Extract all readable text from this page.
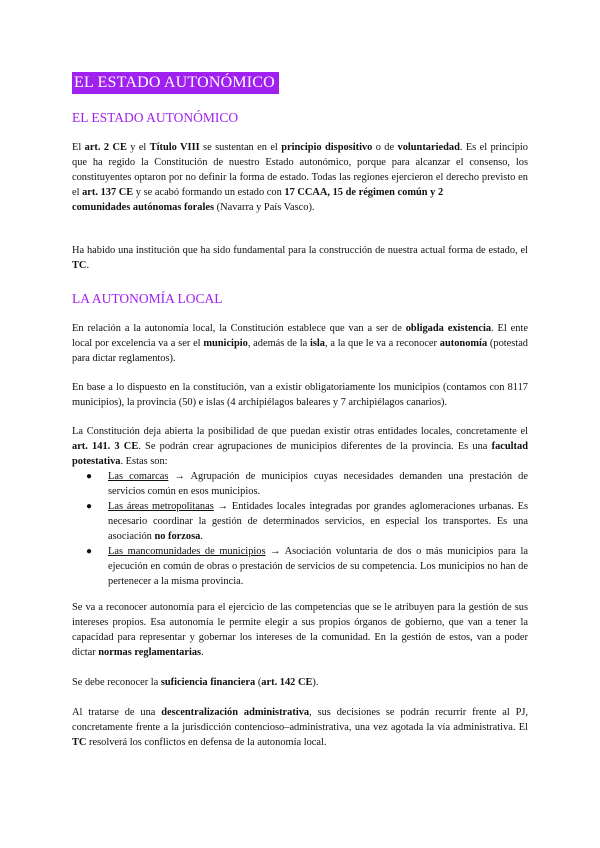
EL ESTADO AUTONÓMICO
EL ESTADO AUTONÓMICO

El art. 2 CE y el Título VIII se sustentan en el principio dispositivo o de voluntariedad. Es el principio que ha regido la Constitución de nuestro Estado autonómico, porque para alcanzar el consenso, los constituyentes optaron por no definir la forma de estado. Todas las regiones ejercieron el derecho previsto en el art. 137 CE y se acabó formando un estado con 17 CCAA, 15 de régimen común y 2
comunidades autónomas forales (Navarra y País Vasco).

Ha habido una institución que ha sido fundamental para la construcción de nuestra actual forma de estado, el TC.

LA AUTONOMÍA LOCAL

En relación a la autonomía local, la Constitución establece que van a ser de obligada existencia. El ente local por excelencia va a ser el municipio, además de la isla, a la que le va a reconocer autonomía (potestad para dictar reglamentos).

En base a lo dispuesto en la constitución, van a existir obligatoriamente los municipios (contamos con 8117 municipios), la provincia (50) e islas (4 archipiélagos baleares y 7 archipiélagos canarios).

La Constitución deja abierta la posibilidad de que puedan existir otras entidades locales, concretamente el art. 141. 3 CE. Se podrán crear agrupaciones de municipios diferentes de la provincia. Es una facultad potestativa. Estas son:

● Las comarcas → Agrupación de municipios cuyas necesidades demanden una prestación de servicios común en esos municipios.
● Las áreas metropolitanas → Entidades locales integradas por grandes aglomeraciones urbanas. Es necesario coordinar la gestión de determinados servicios, en especial los transportes. Es una asociación no forzosa.
● Las mancomunidades de municipios → Asociación voluntaria de dos o más municipios para la ejecución en común de obras o prestación de servicios de su competencia. Los municipios no han de pertenecer a la misma provincia.

Se va a reconocer autonomía para el ejercicio de las competencias que se le atribuyen para la gestión de sus intereses propios. Esa autonomía le permite elegir a sus propios órganos de gobierno, que van a tener la capacidad para representar y gobernar los intereses de la comunidad. En la gestión de estos, van a poder dictar normas reglamentarias.

Se debe reconocer la suficiencia financiera (art. 142 CE).

Al tratarse de una descentralización administrativa, sus decisiones se podrán recurrir frente al PJ, concretamente frente a la jurisdicción contencioso–administrativa, una vez agotada la vía administrativa. El TC resolverá los conflictos en defensa de la autonomía local.
